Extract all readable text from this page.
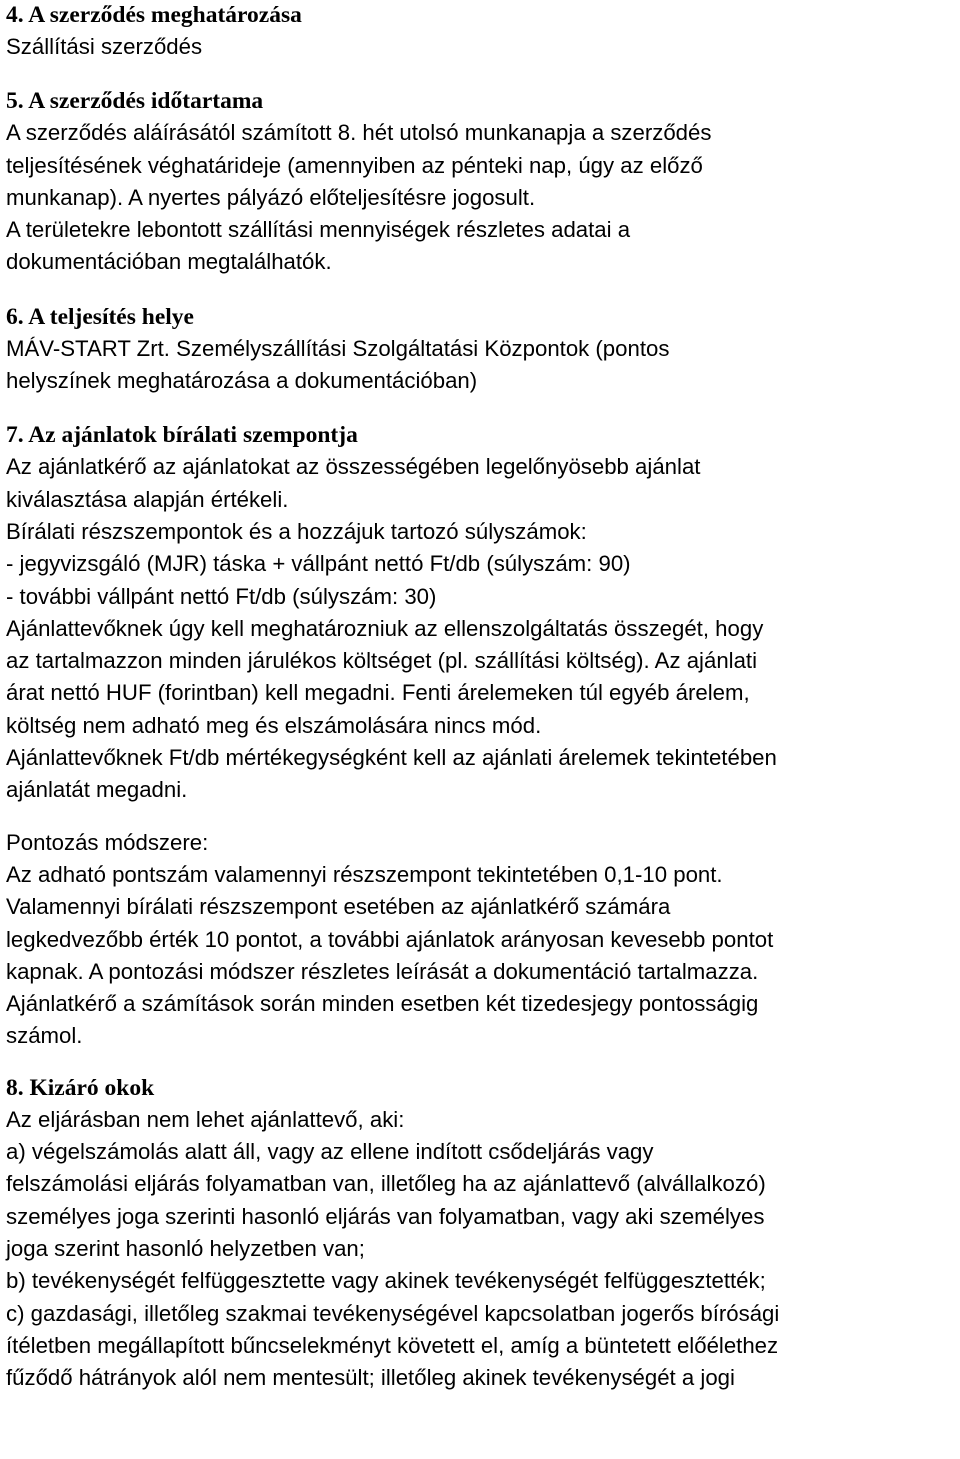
4. A szerződés meghatározása

Szállítási szerződés

5. A szerződés időtartama

A szerződés aláírásától számított 8. hét utolsó munkanapja a szerződés

teljesítésének véghatárideje (amennyiben az pénteki nap, úgy az előző

munkanap). A nyertes pályázó előteljesítésre jogosult.

A területekre lebontott szállítási mennyiségek részletes adatai a

dokumentációban megtalálhatók.

6. A teljesítés helye

MÁV-START Zrt. Személyszállítási Szolgáltatási Központok (pontos

helyszínek meghatározása a dokumentációban)

7. Az ajánlatok bírálati szempontja

Az ajánlatkérő az ajánlatokat az összességében legelőnyösebb ajánlat

kiválasztása alapján értékeli.

Bírálati részszempontok és a hozzájuk tartozó súlyszámok:

- jegyvizsgáló (MJR) táska + vállpánt nettó Ft/db (súlyszám: 90)

- további vállpánt nettó Ft/db (súlyszám: 30)

Ajánlattevőknek úgy kell meghatározniuk az ellenszolgáltatás összegét, hogy

az tartalmazzon minden járulékos költséget (pl. szállítási költség). Az ajánlati

árat nettó HUF (forintban) kell megadni. Fenti árelemeken túl egyéb árelem,

költség nem adható meg és elszámolására nincs mód.

Ajánlattevőknek Ft/db mértékegységként kell az ajánlati árelemek tekintetében

ajánlatát megadni.

Pontozás módszere:

Az adható pontszám valamennyi részszempont tekintetében 0,1-10 pont.

Valamennyi bírálati részszempont esetében az ajánlatkérő számára

legkedvezőbb érték 10 pontot, a további ajánlatok arányosan kevesebb pontot

kapnak. A pontozási módszer részletes leírását a dokumentáció tartalmazza.

Ajánlatkérő a számítások során minden esetben két tizedesjegy pontosságig

számol.

8. Kizáró okok

Az eljárásban nem lehet ajánlattevő, aki:

a) végelszámolás alatt áll, vagy az ellene indított csődeljárás vagy

felszámolási eljárás folyamatban van, illetőleg ha az ajánlattevő (alvállalkozó)

személyes joga szerinti hasonló eljárás van folyamatban, vagy aki személyes

joga szerint hasonló helyzetben van;

b) tevékenységét felfüggesztette vagy akinek tevékenységét felfüggesztették;

c) gazdasági, illetőleg szakmai tevékenységével kapcsolatban jogerős bírósági

ítéletben megállapított bűncselekményt követett el, amíg a büntetett előélethez

fűződő hátrányok alól nem mentesült; illetőleg akinek tevékenységét a jogi
